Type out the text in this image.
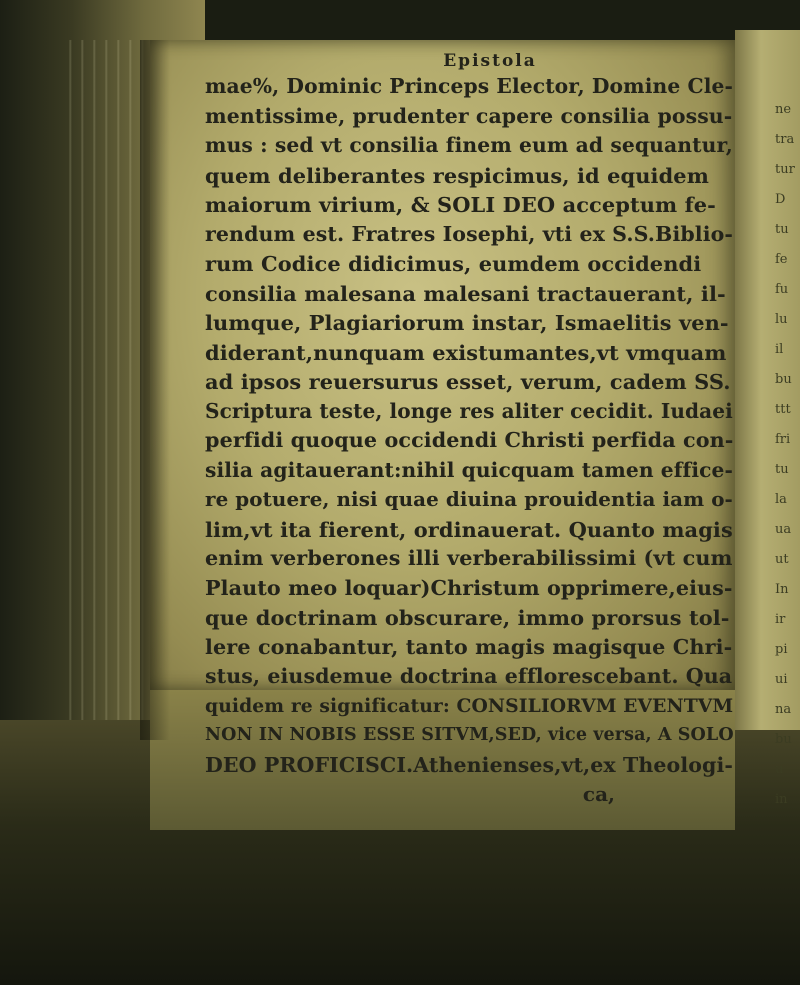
ne
tra
tur
D
tu
fe
fu
lu
il
bu
ttt
fri
tu
la
ua
ut
In
ir
pi
ui
na
bu
u
in
Epistola
mae%, Dominic Princeps Elector, Domine Cle-
mentissime, prudenter capere consilia possu-
mus : sed vt consilia finem eum ad sequantur,
quem deliberantes respicimus, id equidem
maiorum virium, & SOLI DEO acceptum fe-
rendum est. Fratres Iosephi, vti ex S.S.Biblio-
rum Codice didicimus, eumdem occidendi
consilia malesana malesani tractauerant, il-
lumque, Plagiariorum instar, Ismaelitis ven-
diderant,nunquam existumantes,vt vmquam
ad ipsos reuersurus esset, verum, cadem SS.
Scriptura teste, longe res aliter cecidit. Iudaei
perfidi quoque occidendi Christi perfida con-
silia agitauerant:nihil quicquam tamen effice-
re potuere, nisi quae diuina prouidentia iam o-
lim,vt ita fierent, ordinauerat. Quanto magis
enim verberones illi verberabilissimi (vt cum
Plauto meo loquar)Christum opprimere,eius-
que doctrinam obscurare, immo prorsus tol-
lere conabantur, tanto magis magisque Chri-
stus, eiusdemue doctrina efflorescebant. Qua
quidem re significatur: CONSILIORVM EVENTVM
NON IN NOBIS ESSE SITVM,SED, vice versa, A SOLO
DEO PROFICISCI.Athenienses,vt,ex Theologi-
ca,
